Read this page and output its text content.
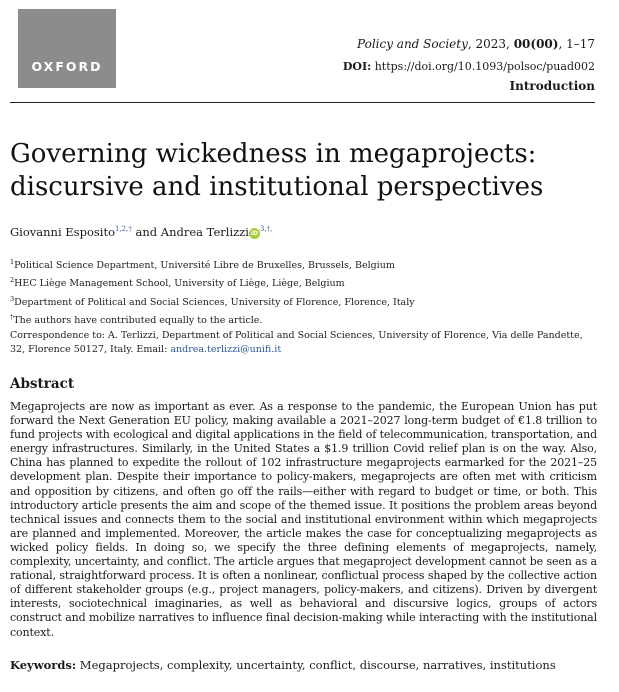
OXFORD
Policy and Society, 2023, 00(00), 1–17
DOI: https://doi.org/10.1093/polsoc/puad002
Introduction
Governing wickedness in megaprojects: discursive and institutional perspectives
Giovanni Esposito$^{1,2,\dagger}$ and Andrea Terlizzi $iD^{3,\dagger,}$
$^1$Political Science Department, Université Libre de Bruxelles, Brussels, Belgium
$^2$HEC Liège Management School, University of Liège, Liège, Belgium
$^3$Department of Political and Social Sciences, University of Florence, Florence, Italy
†The authors have contributed equally to the article.
Correspondence to: A. Terlizzi, Department of Political and Social Sciences, University of Florence, Via delle Pandette, 32, Florence 50127, Italy. Email: andrea.terlizzi@unifi.it
Abstract

Megaprojects are now as important as ever. As a response to the pandemic, the European Union has put forward the Next Generation EU policy, making available a 2021–2027 long-term budget of €1.8 trillion to fund projects with ecological and digital applications in the field of telecommunication, transportation, and energy infrastructures. Similarly, in the United States a $1.9 trillion Covid relief plan is on the way. Also, China has planned to expedite the rollout of 102 infrastructure megaprojects earmarked for the 2021–25 development plan. Despite their importance to policy-makers, megaprojects are often met with criticism and opposition by citizens, and often go off the rails—either with regard to budget or time, or both. This introductory article presents the aim and scope of the themed issue. It positions the problem areas beyond technical issues and connects them to the social and institutional environment within which megaprojects are planned and implemented. Moreover, the article makes the case for conceptualizing megaprojects as wicked policy fields. In doing so, we specify the three defining elements of megaprojects, namely, complexity, uncertainty, and conflict. The article argues that megaproject development cannot be seen as a rational, straightforward process. It is often a nonlinear, conflictual process shaped by the collective action of different stakeholder groups (e.g., project managers, policy-makers, and citizens). Driven by divergent interests, sociotechnical imaginaries, as well as behavioral and discursive logics, groups of actors construct and mobilize narratives to influence final decision-making while interacting with the institutional context.

Keywords: Megaprojects, complexity, uncertainty, conflict, discourse, narratives, institutions
